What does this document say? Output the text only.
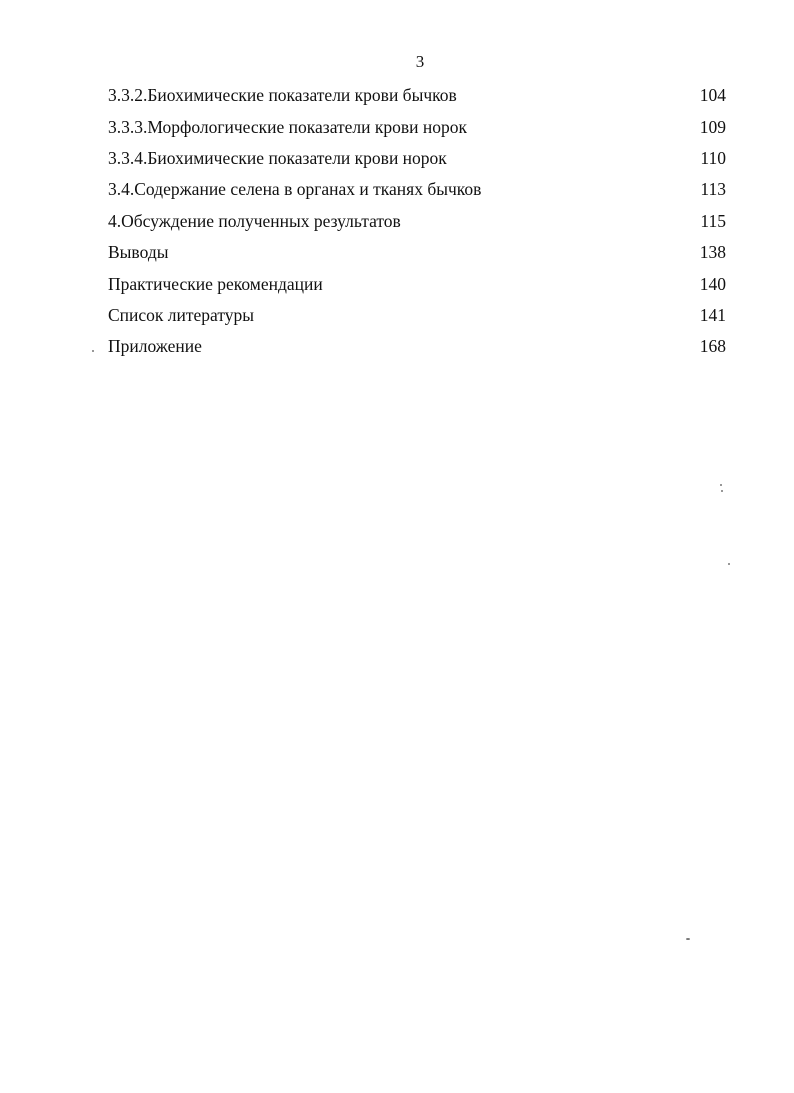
3
3.3.2.Биохимические показатели крови бычков	104
3.3.3.Морфологические показатели крови норок	109
3.3.4.Биохимические показатели крови норок	110
3.4.Содержание селена в органах и тканях бычков	113
4.Обсуждение полученных результатов	115
Выводы	138
Практические рекомендации	140
Список литературы	141
Приложение	168
